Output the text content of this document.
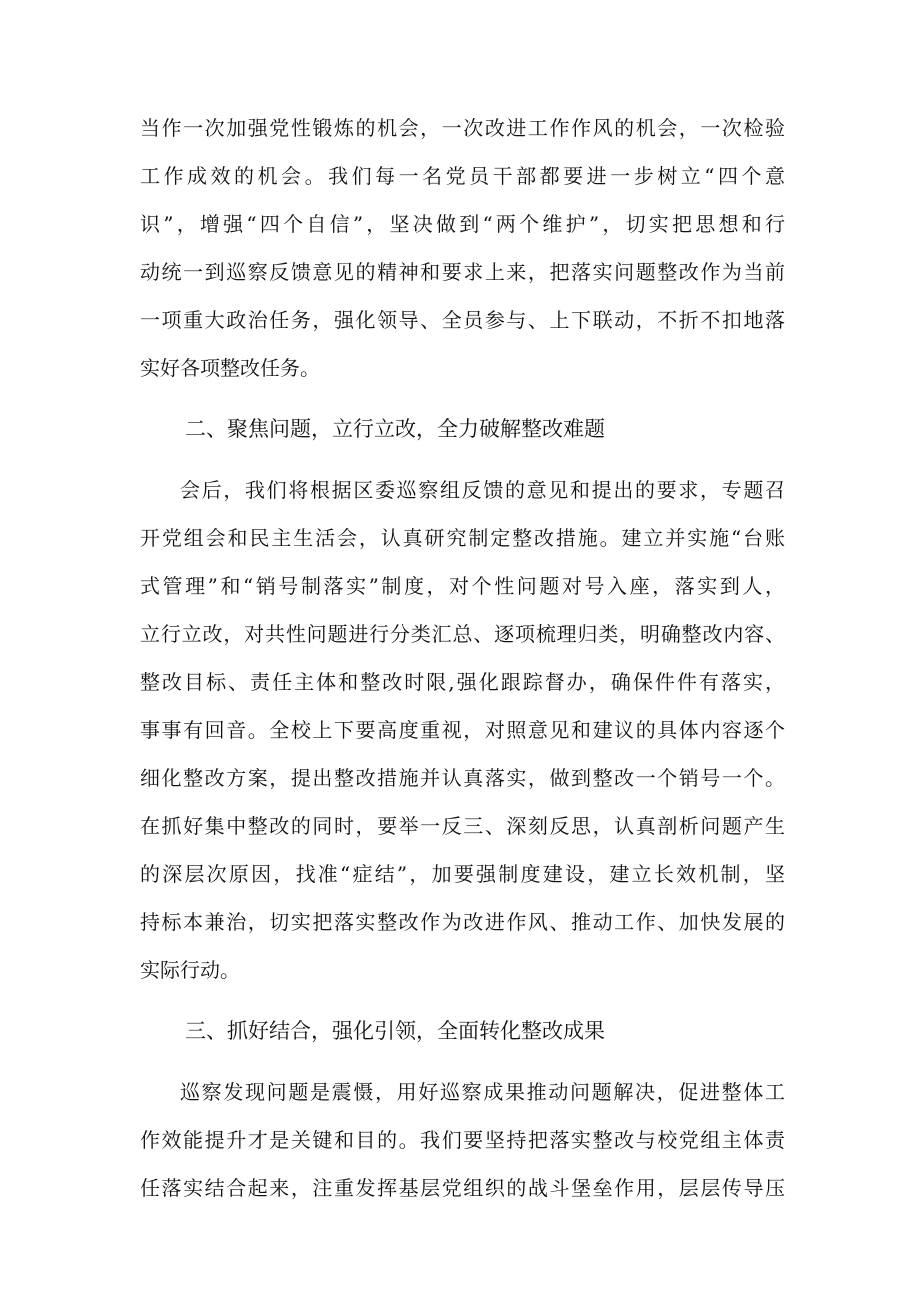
当作一次加强党性锻炼的机会，一次改进工作作风的机会，一次检验
工作成效的机会。我们每一名党员干部都要进一步树立“四个意
识”，增强“四个自信”，坚决做到“两个维护”，切实把思想和行
动统一到巡察反馈意见的精神和要求上来，把落实问题整改作为当前
一项重大政治任务，强化领导、全员参与、上下联动，不折不扣地落
实好各项整改任务。
二、聚焦问题，立行立改，全力破解整改难题
会后，我们将根据区委巡察组反馈的意见和提出的要求，专题召
开党组会和民主生活会，认真研究制定整改措施。建立并实施“台账
式管理”和“销号制落实”制度，对个性问题对号入座，落实到人，
立行立改，对共性问题进行分类汇总、逐项梳理归类，明确整改内容、
整改目标、责任主体和整改时限,强化跟踪督办，确保件件有落实，
事事有回音。全校上下要高度重视，对照意见和建议的具体内容逐个
细化整改方案，提出整改措施并认真落实，做到整改一个销号一个。
在抓好集中整改的同时，要举一反三、深刻反思，认真剖析问题产生
的深层次原因，找准“症结”，加要强制度建设，建立长效机制，坚
持标本兼治，切实把落实整改作为改进作风、推动工作、加快发展的
实际行动。
三、抓好结合，强化引领，全面转化整改成果
巡察发现问题是震慑，用好巡察成果推动问题解决，促进整体工
作效能提升才是关键和目的。我们要坚持把落实整改与校党组主体责
任落实结合起来，注重发挥基层党组织的战斗堡垒作用，层层传导压
